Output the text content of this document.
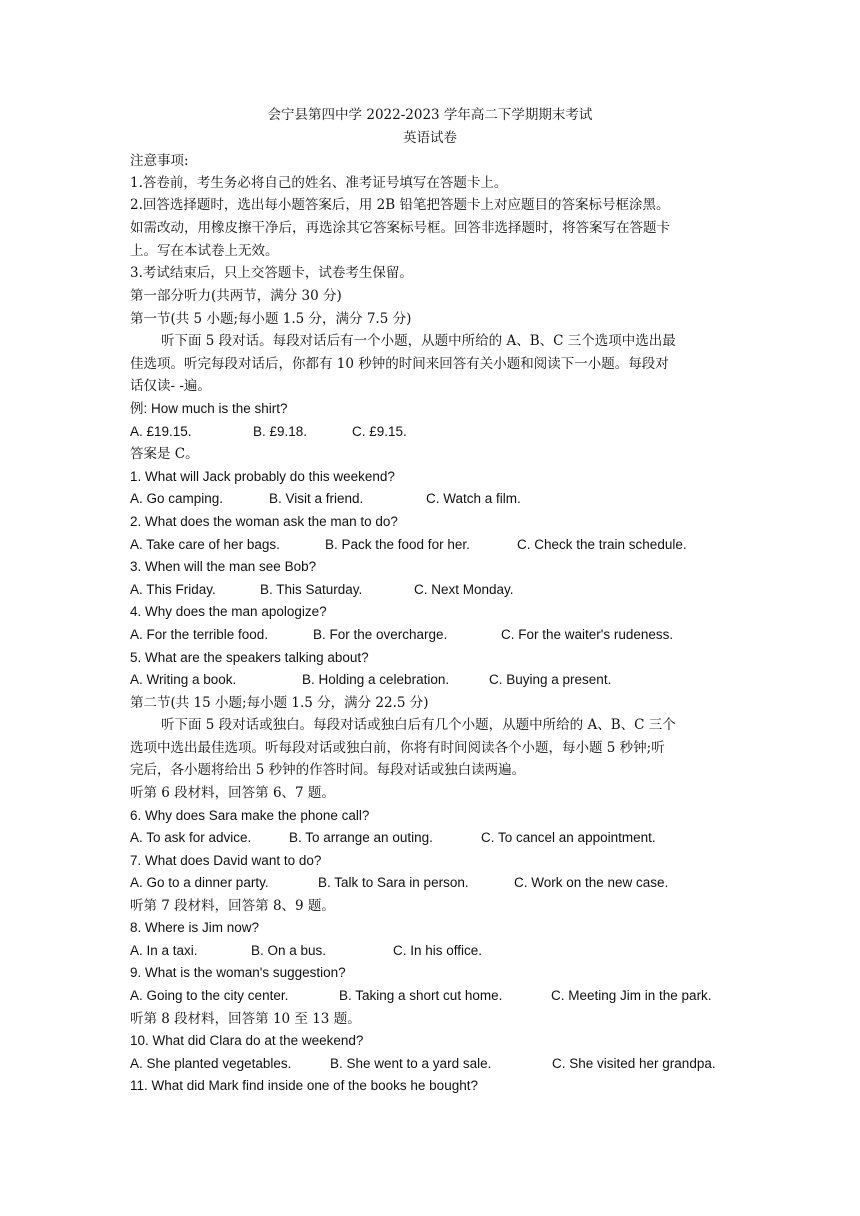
会宁县第四中学 2022-2023 学年高二下学期期末考试
英语试卷
注意事项:
1.答卷前，考生务必将自己的姓名、准考证号填写在答题卡上。
2.回答选择题时，选出每小题答案后，用 2B 铅笔把答题卡上对应题目的答案标号框涂黑。
如需改动，用橡皮擦干净后，再选涂其它答案标号框。回答非选择题时，将答案写在答题卡
上。写在本试卷上无效。
3.考试结束后，只上交答题卡，试卷考生保留。
第一部分听力(共两节，满分 30 分)
第一节(共 5 小题;每小题 1.5 分，满分 7.5 分)
听下面 5 段对话。每段对话后有一个小题，从题中所给的 A、B、C 三个选项中选出最
佳选项。听完每段对话后，你都有 10 秒钟的时间来回答有关小题和阅读下一小题。每段对
话仅读- -遍。
例: How much is the shirt?
A. £19.15.	B. £9.18.	C. £9.15.
答案是 C。
1. What will Jack probably do this weekend?
A. Go camping.	B. Visit a friend.	C. Watch a film.
2. What does the woman ask the man to do?
A. Take care of her bags.	B. Pack the food for her.	C. Check the train schedule.
3. When will the man see Bob?
A. This Friday.	B. This Saturday.	C. Next Monday.
4. Why does the man apologize?
A. For the terrible food.	B. For the overcharge.	C. For the waiter's rudeness.
5. What are the speakers talking about?
A. Writing a book.	B. Holding a celebration.	C. Buying a present.
第二节(共 15 小题;每小题 1.5 分，满分 22.5 分)
听下面 5 段对话或独白。每段对话或独白后有几个小题，从题中所给的 A、B、C 三个
选项中选出最佳选项。听每段对话或独白前，你将有时间阅读各个小题，每小题 5 秒钟;听
完后，各小题将给出 5 秒钟的作答时间。每段对话或独白读两遍。
听第 6 段材料，回答第 6、7 题。
6. Why does Sara make the phone call?
A. To ask for advice.	B. To arrange an outing.	C. To cancel an appointment.
7. What does David want to do?
A. Go to a dinner party.	B. Talk to Sara in person.	C. Work on the new case.
听第 7 段材料，回答第 8、9 题。
8. Where is Jim now?
A. In a taxi.	B. On a bus.	C. In his office.
9. What is the woman's suggestion?
A. Going to the city center.	B. Taking a short cut home.	C. Meeting Jim in the park.
听第 8 段材料，回答第 10 至 13 题。
10. What did Clara do at the weekend?
A. She planted vegetables.	B. She went to a yard sale.	C. She visited her grandpa.
11. What did Mark find inside one of the books he bought?
